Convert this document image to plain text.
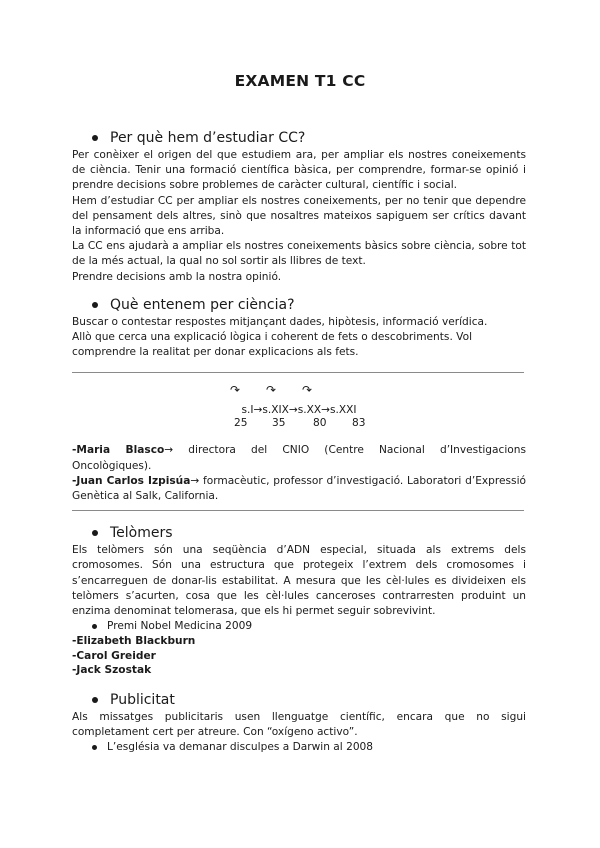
EXAMEN T1 CC
Per què hem d’estudiar CC?
Per conèixer el origen del que estudiem ara, per ampliar els nostres coneixements de ciència. Tenir una formació científica bàsica, per comprendre, formar-se opinió i prendre decisions sobre problemes de caràcter cultural, científic i social.
Hem d’estudiar CC per ampliar els nostres coneixements, per no tenir que dependre del pensament dels altres, sinò que nosaltres mateixos sapiguem ser crítics davant la informació que ens arriba.
La CC ens ajudarà a ampliar els nostres coneixements bàsics sobre ciència, sobre tot de la més actual, la qual no sol sortir als llibres de text.
Prendre decisions amb la nostra opinió.
Què entenem per ciència?
Buscar o contestar respostes mitjançant dades, hipòtesis, informació verídica.
Allò que cerca una explicació lògica i coherent de fets o descobriments. Vol comprendre la realitat per donar explicacions als fets.
↷ ↷ ↷
s.I→s.XIX→s.XX→s.XXI
25 35	80 83
-Maria Blasco→ directora del CNIO (Centre Nacional d’Investigacions Oncològiques).
-Juan Carlos Izpisúa→ formacèutic, professor d’investigació. Laboratori d’Expressió Genètica al Salk, California.
Telòmers
Els telòmers són una seqüència d’ADN especial, situada als extrems dels cromosomes. Són una estructura que protegeix l’extrem dels cromosomes i s’encarreguen de donar-lis estabilitat. A mesura que les cèl·lules es divideixen els telòmers s’acurten, cosa que les cèl·lules canceroses contrarresten produint un enzima denominat telomerasa, que els hi permet seguir sobrevivint.
Premi Nobel Medicina 2009
-Elizabeth Blackburn
-Carol Greider
-Jack Szostak
Publicitat
Als missatges publicitaris usen llenguatge científic, encara que no sigui completament cert per atreure. Con “oxígeno activo”.
L’església va demanar disculpes a Darwin al 2008
